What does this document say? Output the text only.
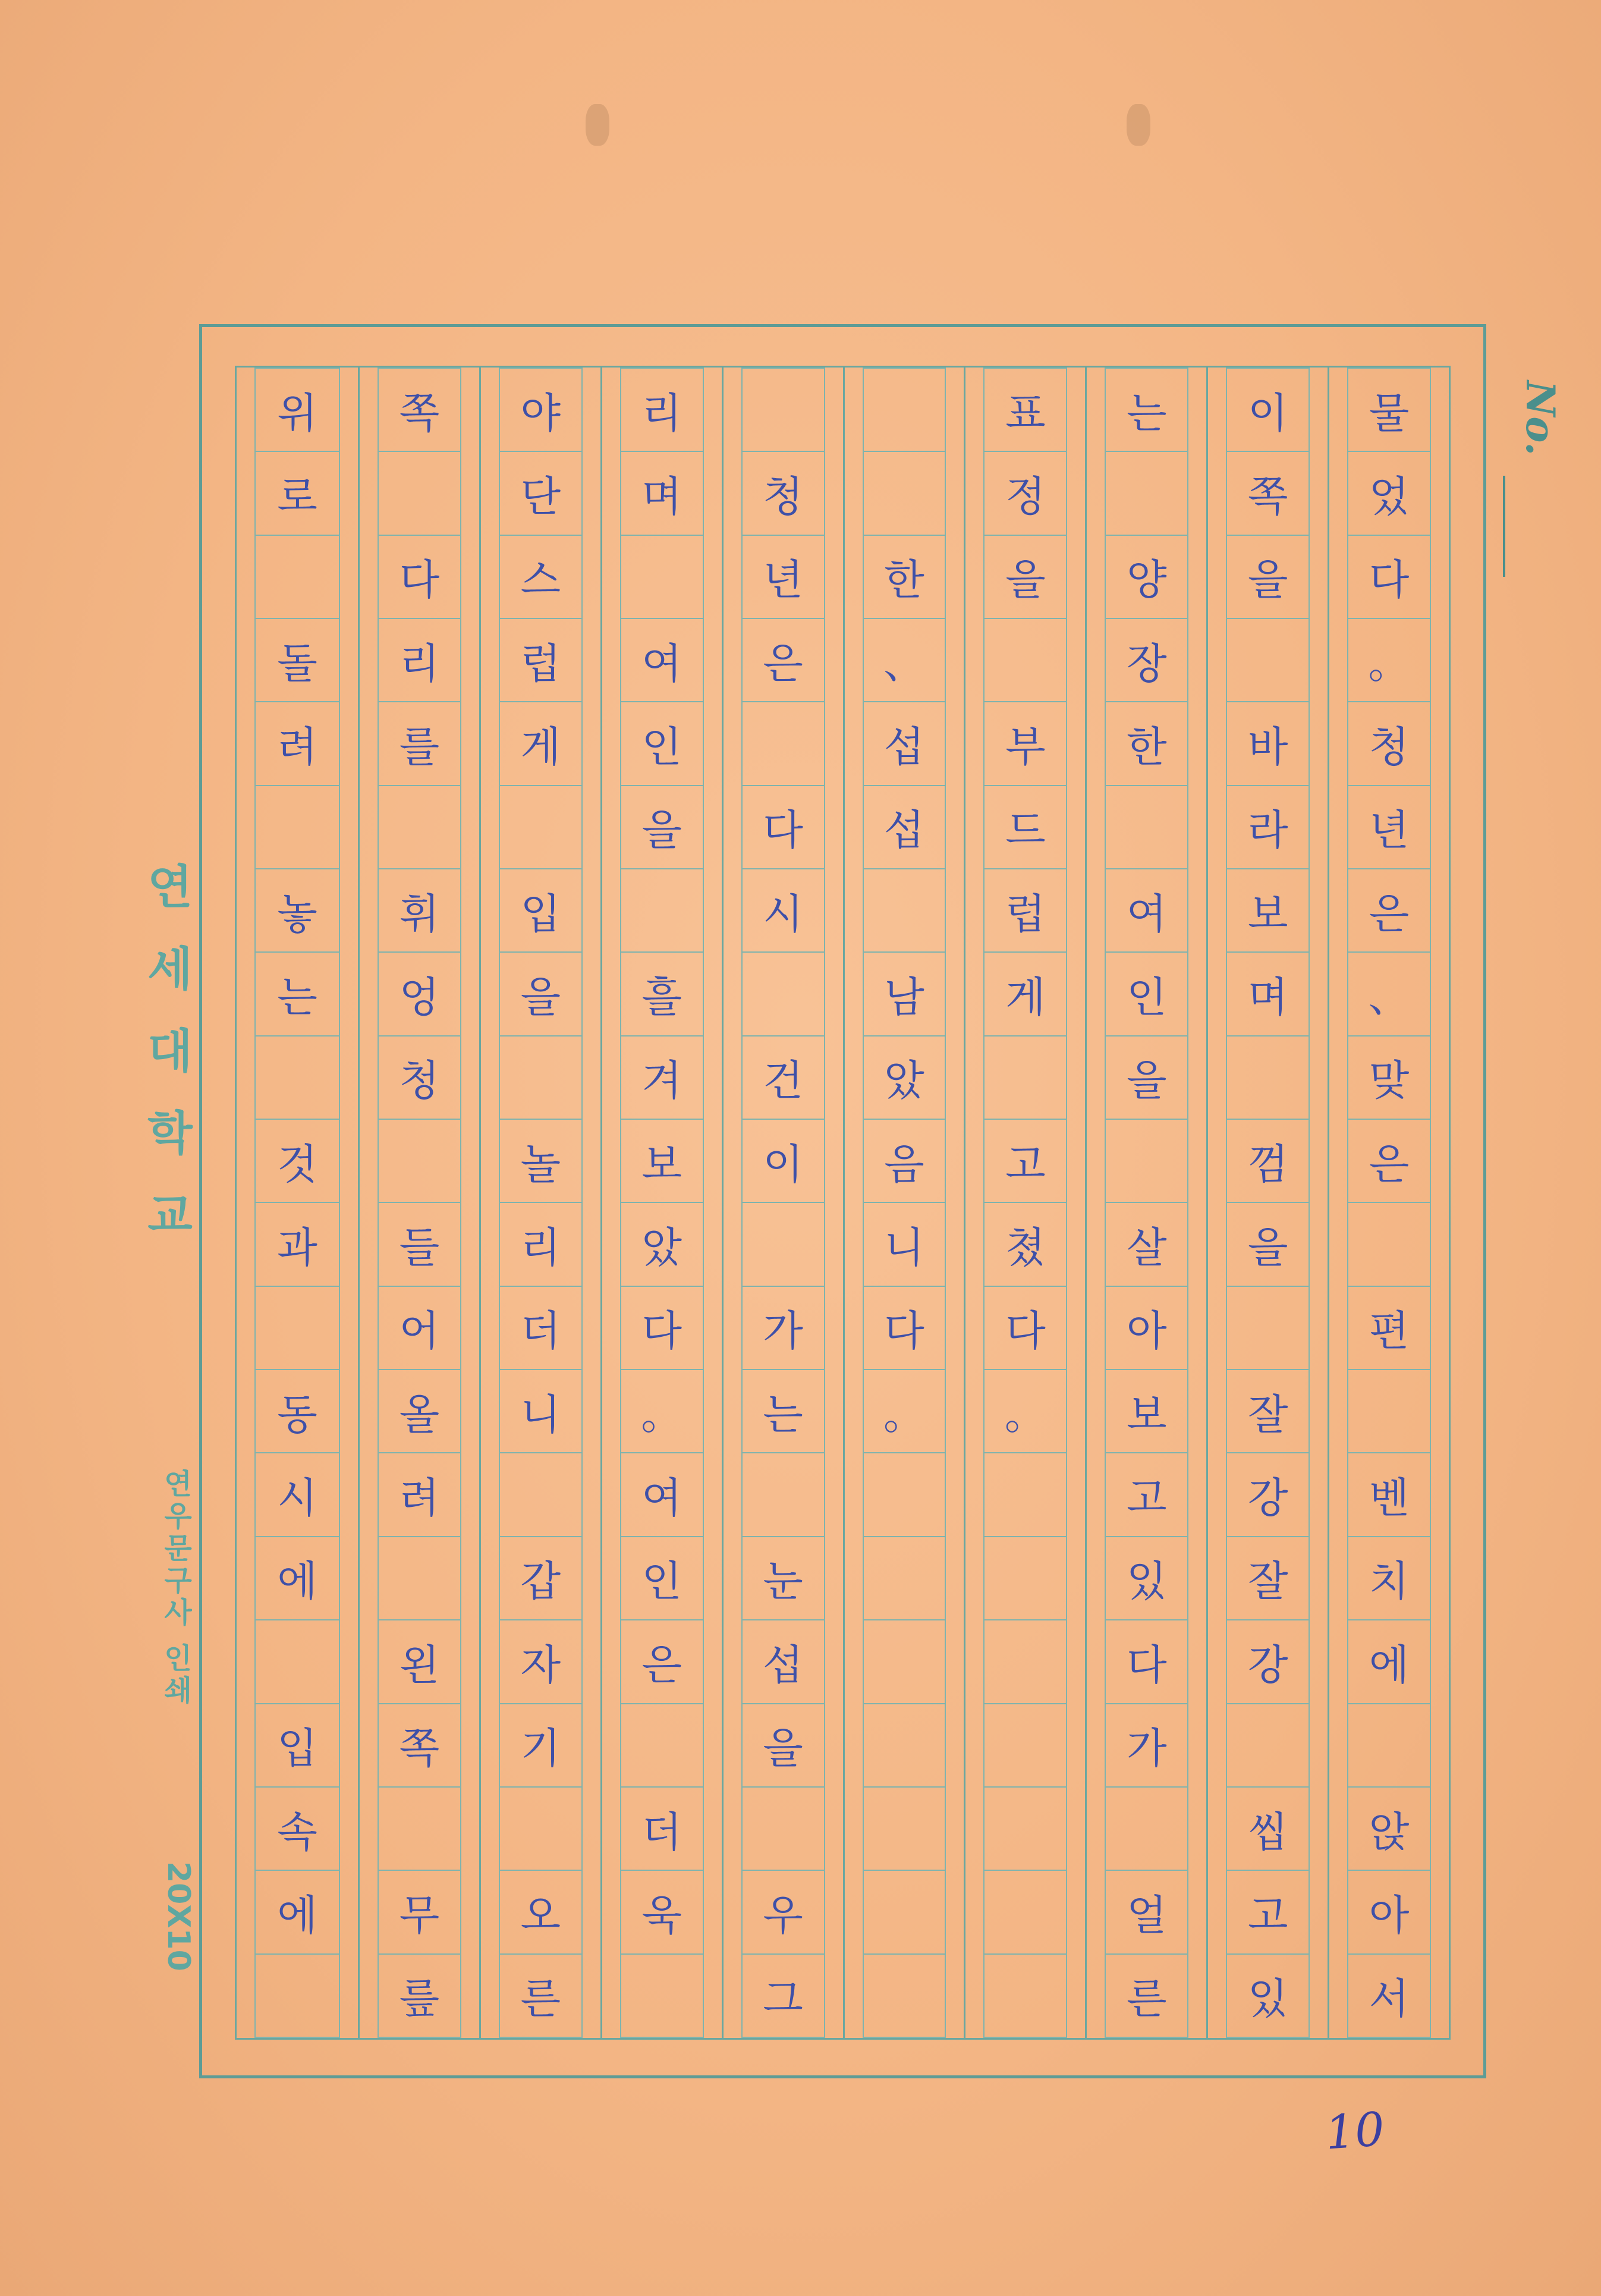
No.
물
었
다
。
청
년
은
、
맞
은
편
벤
치
에
앉
아
서
이
쪽
을
바
라
보
며
껌
을
잘
강
잘
강
씹
고
있
는
양
장
한
여
인
을
살
아
보
고
있
다
가
얼
른
표
정
을
부
드
럽
게
고
쳤
다
。
한
、
섭
섭
남
았
음
니
다
。
청
년
은
다
시
건
이
가
는
눈
섭
을
우
그
리
며
여
인
을
흘
겨
보
았
다
。
여
인
은
더
욱
야
단
스
럽
게
입
을
놀
리
더
니
갑
자
기
오
른
쪽
다
리
를
휘
엉
청
들
어
올
려
왼
쪽
무
릎
위
로
돌
려
놓
는
것
과
동
시
에
입
속
에
연세대학교
연우문구사 인쇄
20X10
10
